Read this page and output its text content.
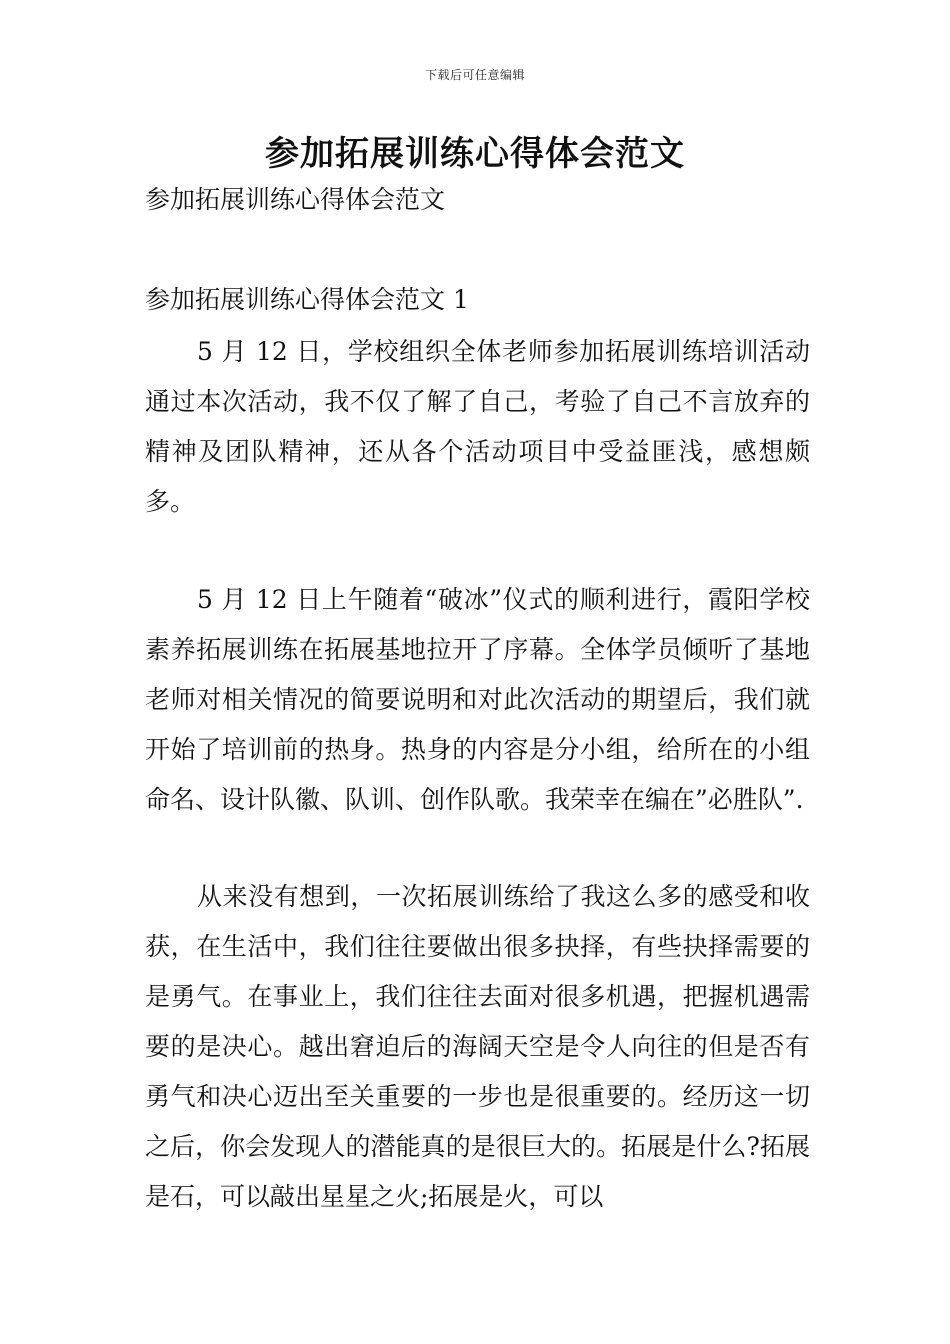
下载后可任意编辑
参加拓展训练心得体会范文
参加拓展训练心得体会范文
参加拓展训练心得体会范文 1

5 月 12 日，学校组织全体老师参加拓展训练培训活动通过本次活动，我不仅了解了自己，考验了自己不言放弃的精神及团队精神，还从各个活动项目中受益匪浅，感想颇多。

5 月 12 日上午随着“破冰”仪式的顺利进行，霞阳学校素养拓展训练在拓展基地拉开了序幕。全体学员倾听了基地老师对相关情况的简要说明和对此次活动的期望后，我们就开始了培训前的热身。热身的内容是分小组，给所在的小组命名、设计队徽、队训、创作队歌。我荣幸在编在”必胜队”.

从来没有想到，一次拓展训练给了我这么多的感受和收获，在生活中，我们往往要做出很多抉择，有些抉择需要的是勇气。在事业上，我们往往去面对很多机遇，把握机遇需要的是决心。越出窘迫后的海阔天空是令人向往的但是否有勇气和决心迈出至关重要的一步也是很重要的。经历这一切之后，你会发现人的潜能真的是很巨大的。拓展是什么?拓展是石，可以敲出星星之火;拓展是火，可以
